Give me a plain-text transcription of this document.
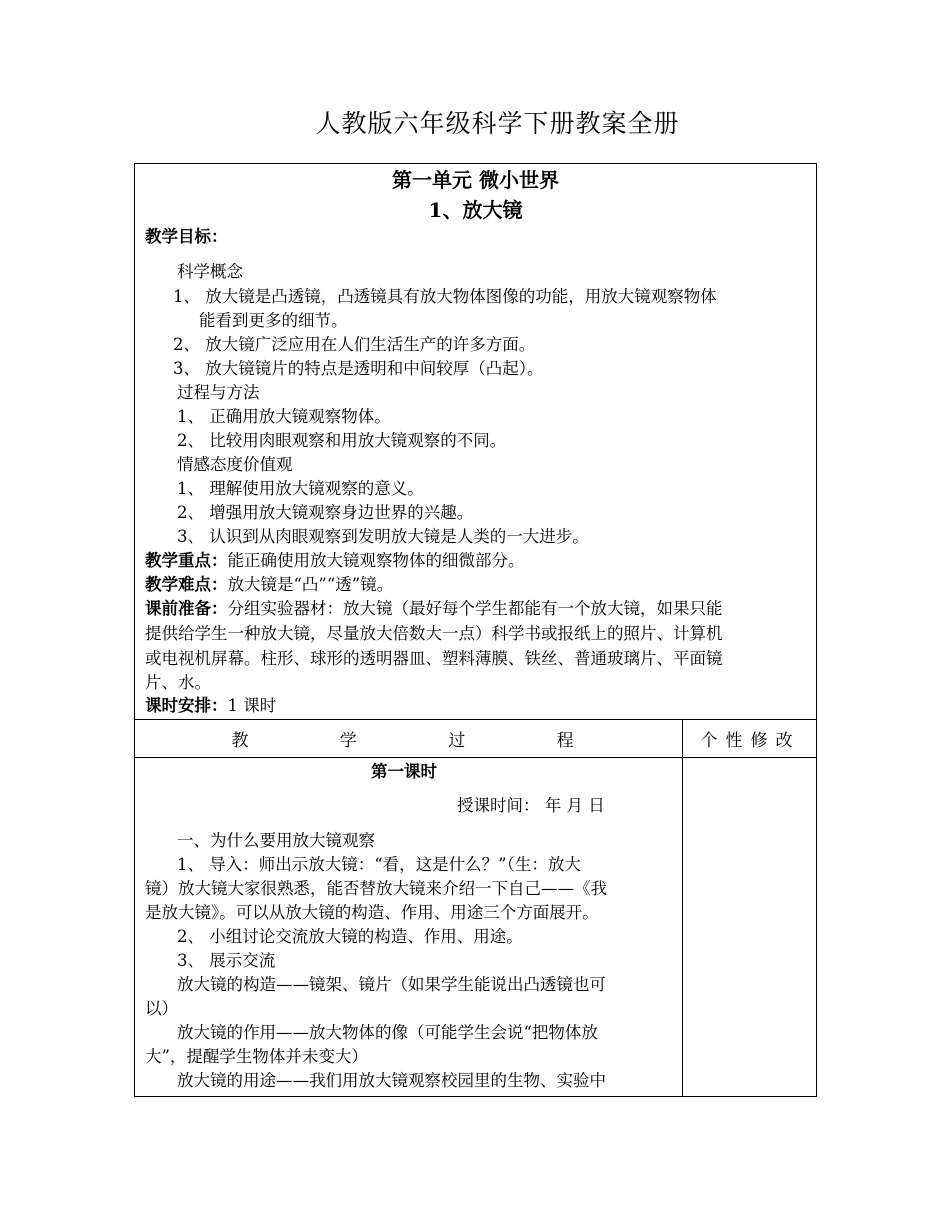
人教版六年级科学下册教案全册
第一单元 微小世界
1、放大镜
教学目标：
科学概念
1、 放大镜是凸透镜，凸透镜具有放大物体图像的功能，用放大镜观察物体
能看到更多的细节。
2、 放大镜广泛应用在人们生活生产的许多方面。
3、 放大镜镜片的特点是透明和中间较厚（凸起）。
过程与方法
1、 正确用放大镜观察物体。
2、 比较用肉眼观察和用放大镜观察的不同。
情感态度价值观
1、 理解使用放大镜观察的意义。
2、 增强用放大镜观察身边世界的兴趣。
3、 认识到从肉眼观察到发明放大镜是人类的一大进步。
教学重点：能正确使用放大镜观察物体的细微部分。
教学难点：放大镜是“凸”“透”镜。
课前准备：分组实验器材：放大镜（最好每个学生都能有一个放大镜，如果只能
提供给学生一种放大镜，尽量放大倍数大一点）科学书或报纸上的照片、计算机
或电视机屏幕。柱形、球形的透明器皿、塑料薄膜、铁丝、普通玻璃片、平面镜
片、水。
课时安排：1 课时
教 学 过 程	个性修改
第一课时
授课时间： 年 月 日
一、为什么要用放大镜观察
1、 导入：师出示放大镜：“看，这是什么？”（生：放大
镜）放大镜大家很熟悉，能否替放大镜来介绍一下自己——《我
是放大镜》。可以从放大镜的构造、作用、用途三个方面展开。
2、 小组讨论交流放大镜的构造、作用、用途。
3、 展示交流
放大镜的构造——镜架、镜片（如果学生能说出凸透镜也可
以）
放大镜的作用——放大物体的像（可能学生会说“把物体放
大”，提醒学生物体并未变大）
放大镜的用途——我们用放大镜观察校园里的生物、实验中
